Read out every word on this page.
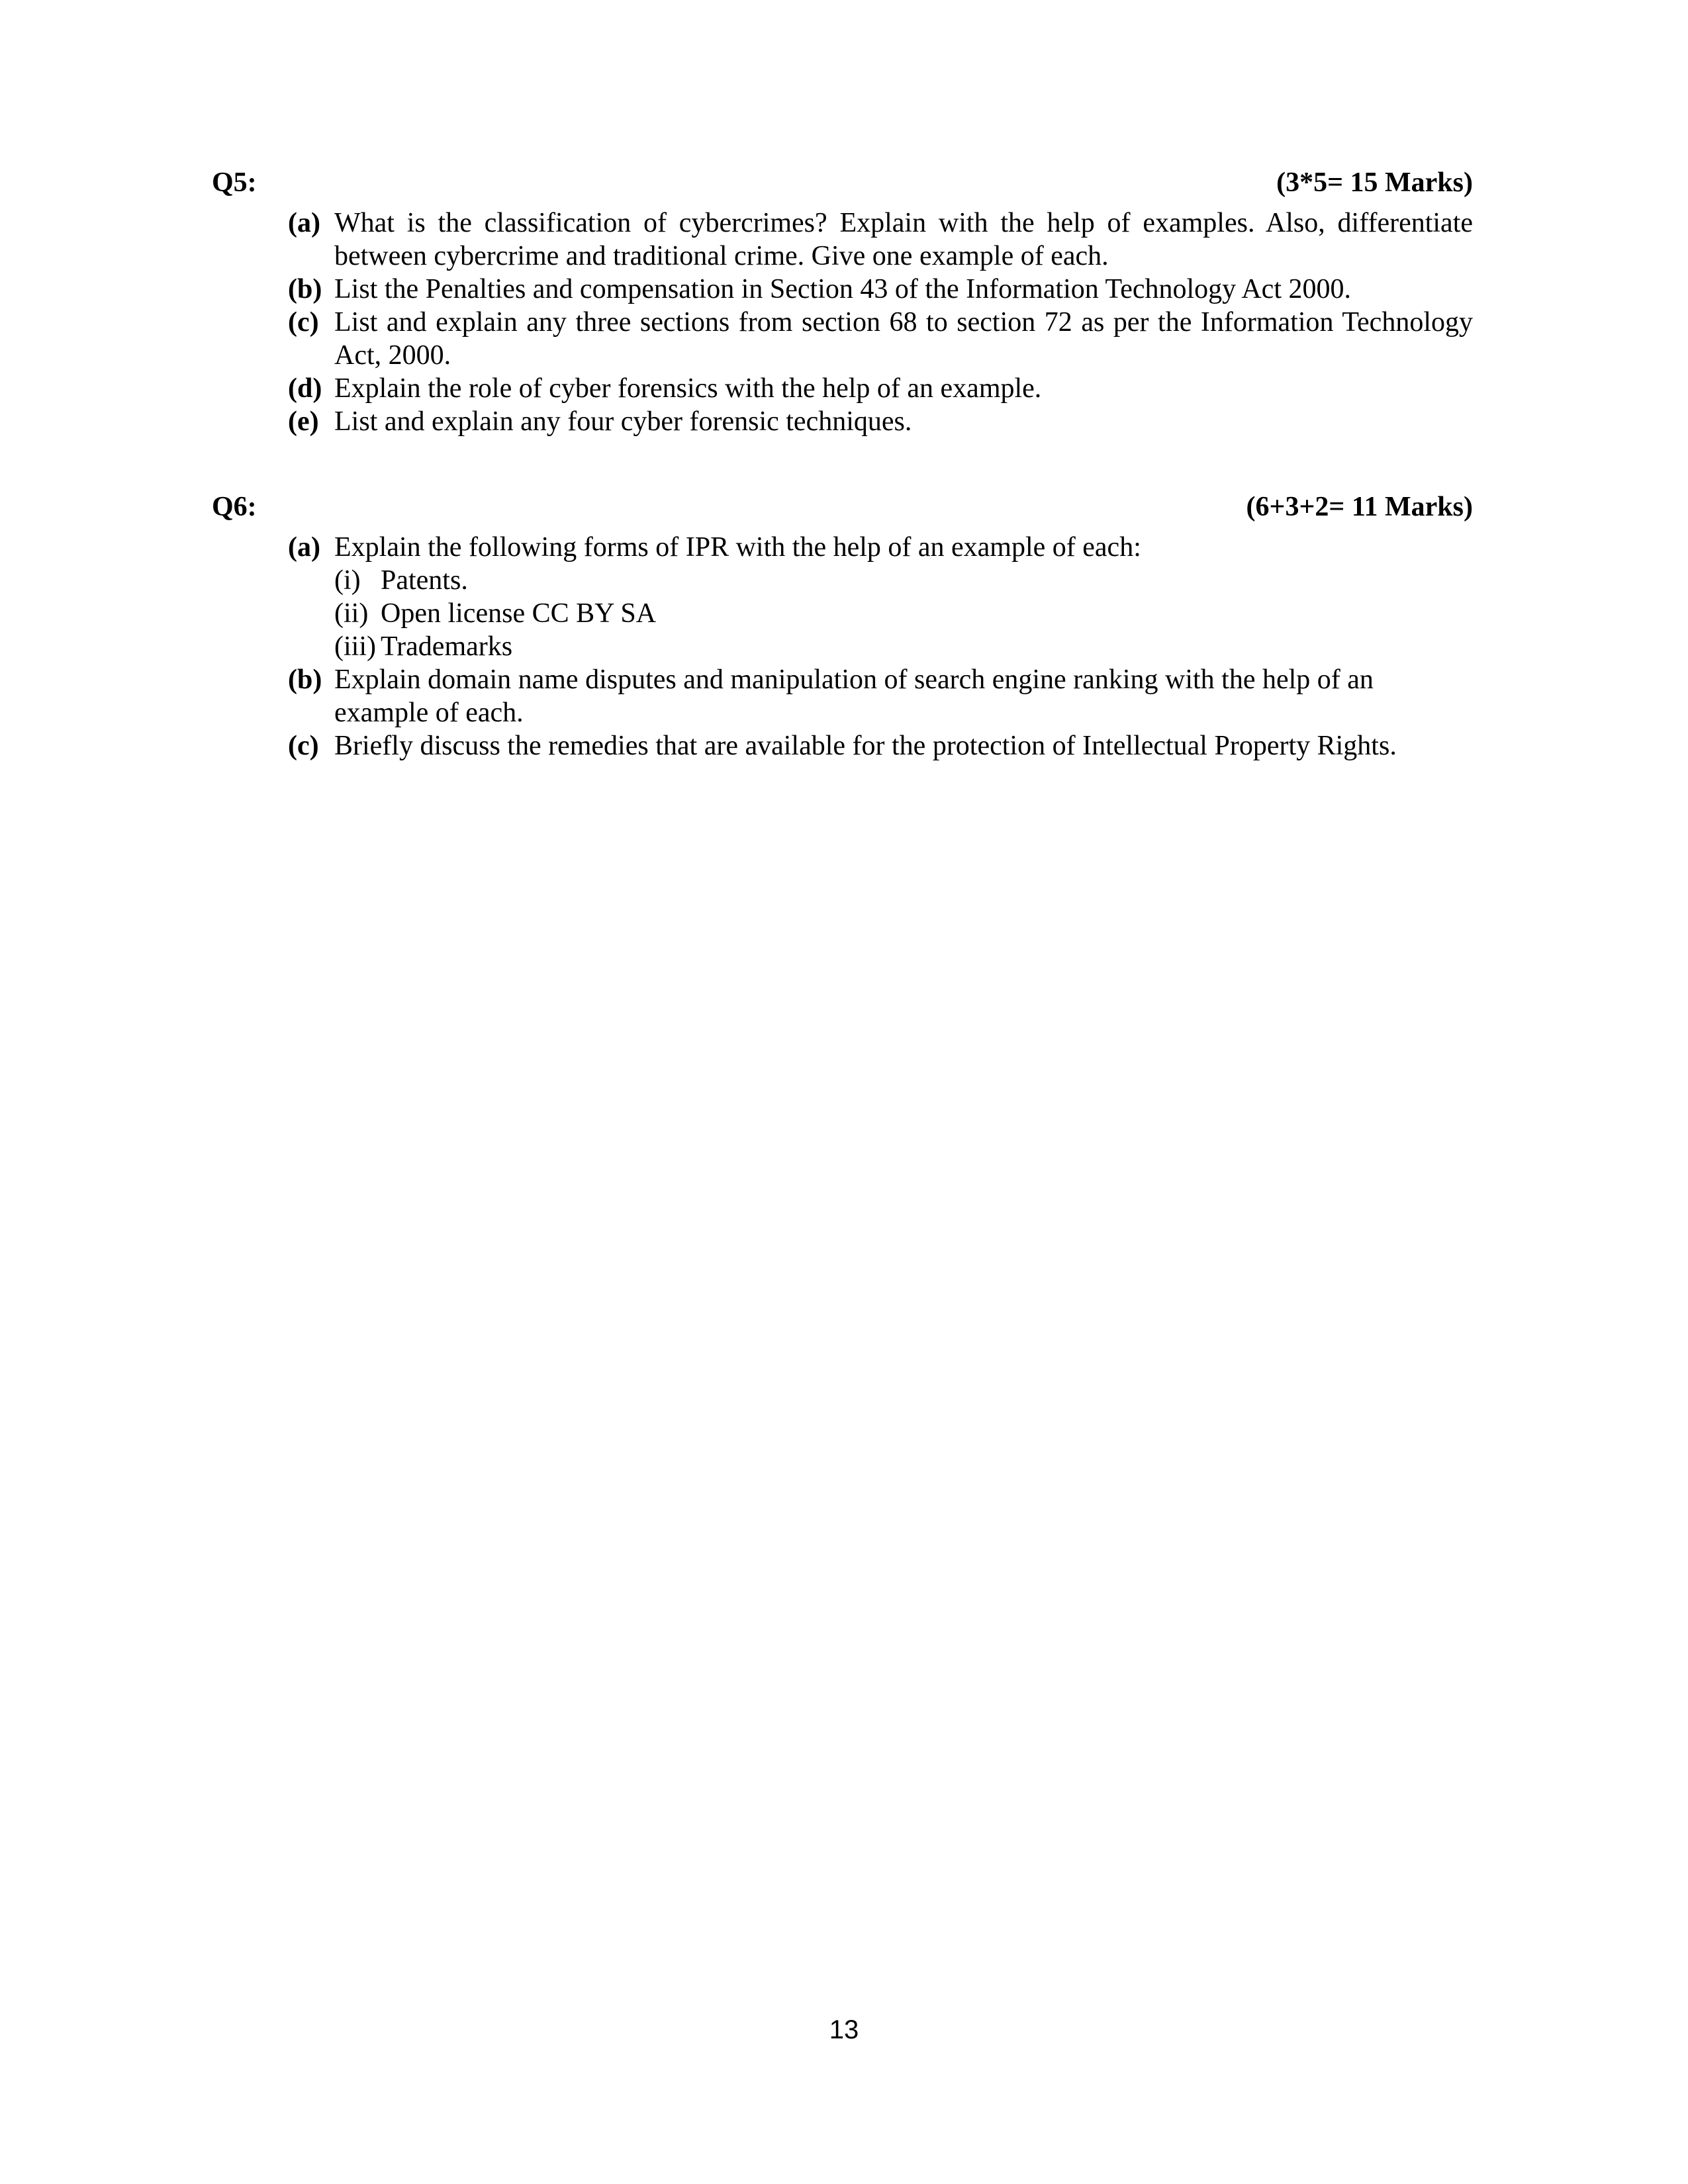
Q5:	(3*5= 15 Marks)
(a) What is the classification of cybercrimes? Explain with the help of examples. Also, differentiate between cybercrime and traditional crime. Give one example of each.
(b) List the Penalties and compensation in Section 43 of the Information Technology Act 2000.
(c) List and explain any three sections from section 68 to section 72 as per the Information Technology Act, 2000.
(d) Explain the role of cyber forensics with the help of an example.
(e) List and explain any four cyber forensic techniques.
Q6:	(6+3+2= 11 Marks)
(a) Explain the following forms of IPR with the help of an example of each:
(i) Patents.
(ii) Open license CC BY SA
(iii) Trademarks
(b) Explain domain name disputes and manipulation of search engine ranking with the help of an example of each.
(c) Briefly discuss the remedies that are available for the protection of Intellectual Property Rights.
13
